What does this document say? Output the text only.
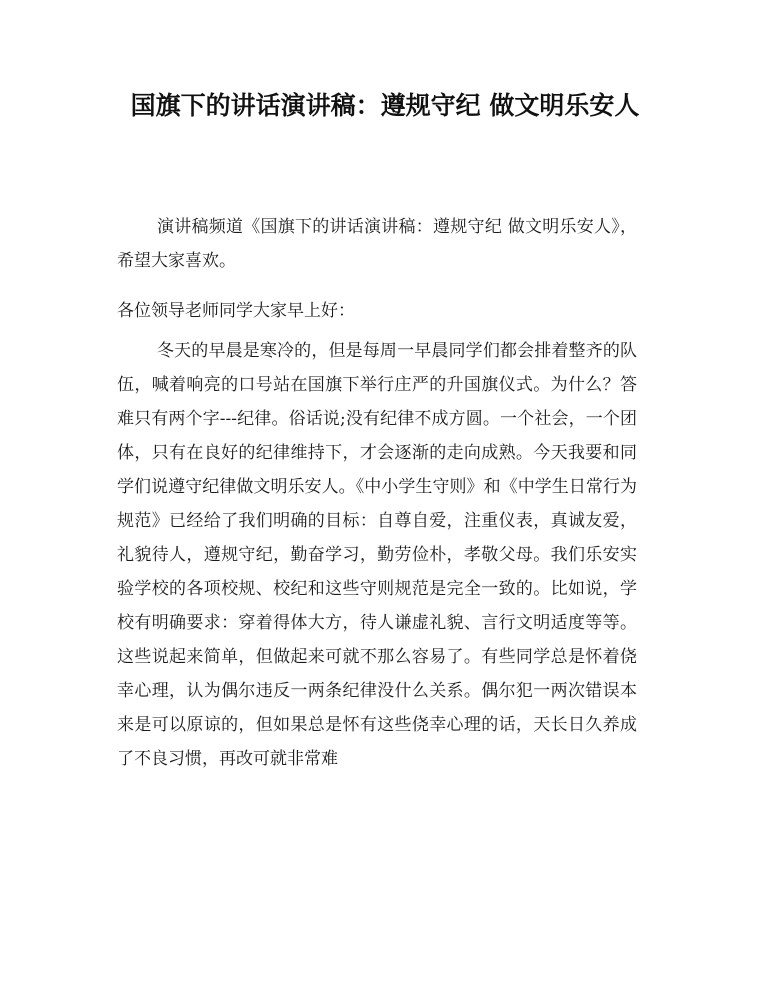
国旗下的讲话演讲稿：遵规守纪 做文明乐安人

演讲稿频道《国旗下的讲话演讲稿：遵规守纪 做文明乐安人》，希望大家喜欢。

各位领导老师同学大家早上好：

冬天的早晨是寒冷的，但是每周一早晨同学们都会排着整齐的队伍，喊着响亮的口号站在国旗下举行庄严的升国旗仪式。为什么？答难只有两个字---纪律。俗话说;没有纪律不成方圆。一个社会，一个团体，只有在良好的纪律维持下，才会逐渐的走向成熟。今天我要和同学们说遵守纪律做文明乐安人。《中小学生守则》和《中学生日常行为规范》已经给了我们明确的目标：自尊自爱，注重仪表，真诚友爱，礼貌待人，遵规守纪，勤奋学习，勤劳俭朴，孝敬父母。我们乐安实验学校的各项校规、校纪和这些守则规范是完全一致的。比如说，学校有明确要求：穿着得体大方，待人谦虚礼貌、言行文明适度等等。这些说起来简单，但做起来可就不那么容易了。有些同学总是怀着侥幸心理，认为偶尔违反一两条纪律没什么关系。偶尔犯一两次错误本来是可以原谅的，但如果总是怀有这些侥幸心理的话，天长日久养成了不良习惯，再改可就非常难
